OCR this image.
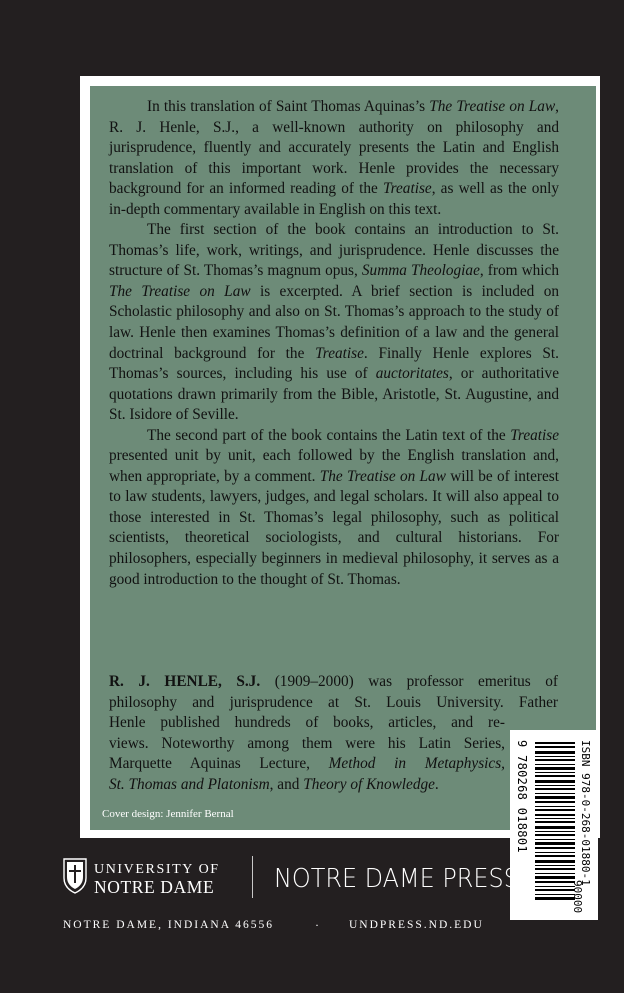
In this translation of Saint Thomas Aquinas’s The Treatise on Law, R. J. Henle, S.J., a well-known authority on philosophy and jurisprudence, fluently and accurately presents the Latin and English translation of this important work. Henle provides the necessary background for an informed reading of the Treatise, as well as the only in-depth commentary available in English on this text.

The first section of the book contains an introduction to St. Thomas’s life, work, writings, and jurisprudence. Henle discusses the structure of St. Thomas’s magnum opus, Summa Theologiae, from which The Treatise on Law is excerpted. A brief section is included on Scholastic philosophy and also on St. Thomas’s approach to the study of law. Henle then examines Thomas’s definition of a law and the general doctrinal background for the Treatise. Finally Henle explores St. Thomas’s sources, including his use of auctoritates, or authoritative quotations drawn primarily from the Bible, Aristotle, St. Augustine, and St. Isidore of Seville.

The second part of the book contains the Latin text of the Treatise presented unit by unit, each followed by the English translation and, when appropriate, by a comment. The Treatise on Law will be of interest to law students, lawyers, judges, and legal scholars. It will also appeal to those interested in St. Thomas’s legal philosophy, such as political scientists, theoretical sociologists, and cultural historians. For philosophers, especially beginners in medieval philosophy, it serves as a good introduction to the thought of St. Thomas.

R. J. HENLE, S.J. (1909–2000) was professor emeritus of
philosophy and jurisprudence at St. Louis University. Father
Henle published hundreds of books, articles, and re-
views. Noteworthy among them were his Latin Series,
Marquette Aquinas Lecture, Method in Metaphysics,
St. Thomas and Platonism, and Theory of Knowledge.
Cover design: Jennifer Bernal	ISBN 978-0-268-01880-1
9 780268 018801
90000
UNIVERSITY OF
NOTRE DAME NOTRE DAME PRESS
NOTRE DAME, INDIANA 46556	·	UNDPRESS.ND.EDU
